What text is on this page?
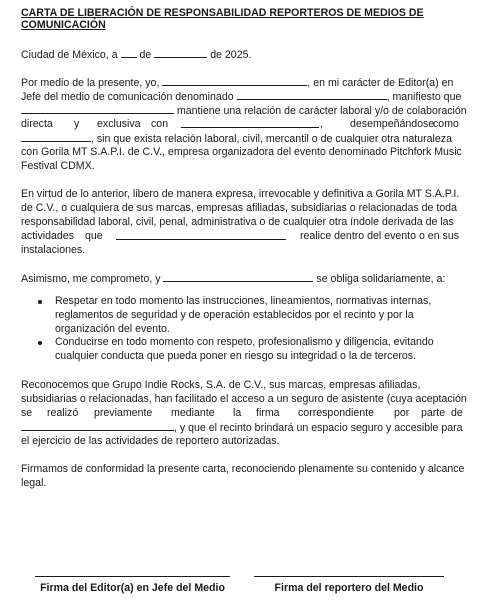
CARTA DE LIBERACIÓN DE RESPONSABILIDAD REPORTEROS DE MEDIOS DE
COMUNICACIÓN
Ciudad de México, a de	de 2025.
Por medio de la presente, yo,	, en mi carácter de Editor(a) en
Jefe del medio de comunicación denominado	, manifiesto que
mantiene una relación de carácter laboral y/o de colaboración
directa y exclusiva con	,	desempeñándose
como
, sin que exista relación laboral, civil, mercantil o de cualquier otra naturaleza
con Gorila MT S.A.P.I. de C.V., empresa organizadora del evento denominado Pitchfork Music
Festival CDMX.
En virtud de lo anterior, libero de manera expresa, irrevocable y definitiva a Gorila MT S.A.P.I.
de C.V., o cualquiera de sus marcas, empresas afiliadas, subsidiarias o relacionadas de toda
responsabilidad laboral, civil, penal, administrativa o de cualquier otra índole derivada de las
actividades que	realice dentro del evento o en sus
instalaciones.
Asimismo, me comprometo, y	se obliga solidariamente, a:
Respetar en todo momento las instrucciones, lineamientos, normativas internas,
reglamentos de seguridad y de operación establecidos por el recinto y por la
organización del evento.
Conducirse en todo momento con respeto, profesionalismo y diligencia, evitando
cualquier conducta que pueda poner en riesgo su integridad o la de terceros.
Reconocemos que Grupo Indie Rocks, S.A. de C.V., sus marcas, empresas afiliadas,
subsidiarias o relacionadas, han facilitado el acceso a un seguro de asistente (cuya aceptación
se realizó previamente mediante la firma correspondiente por parte de
, y que el recinto brindará un espacio seguro y accesible para
el ejercicio de las actividades de reportero autorizadas.
Firmamos de conformidad la presente carta, reconociendo plenamente su contenido y alcance
legal.
Firma del Editor(a) en Jefe del Medio	Firma del reportero del Medio
